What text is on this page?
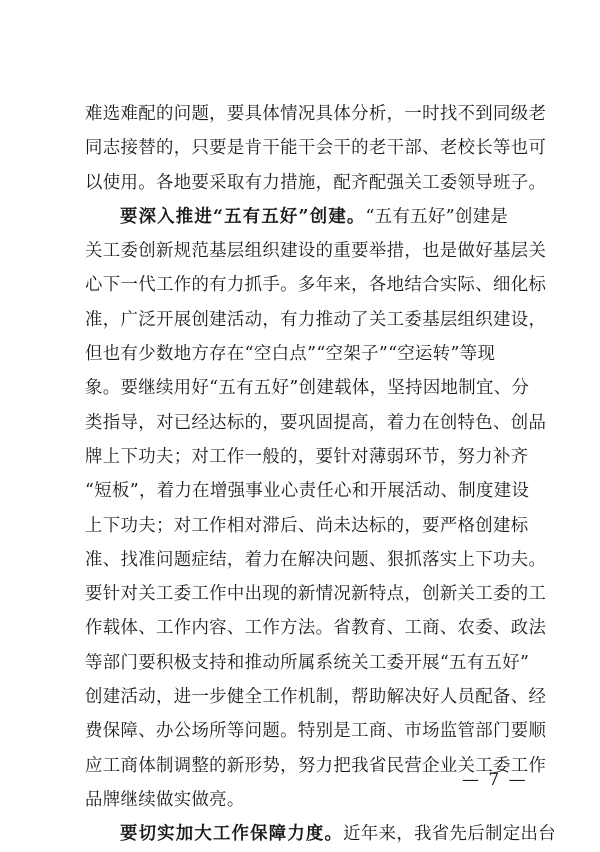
难选难配的问题，要具体情况具体分析，一时找不到同级老
同志接替的，只要是肯干能干会干的老干部、老校长等也可
以使用。各地要采取有力措施，配齐配强关工委领导班子。
要深入推进“五有五好”创建。“五有五好”创建是
关工委创新规范基层组织建设的重要举措，也是做好基层关
心下一代工作的有力抓手。多年来，各地结合实际、细化标
准，广泛开展创建活动，有力推动了关工委基层组织建设，
但也有少数地方存在“空白点”“空架子”“空运转”等现
象。要继续用好“五有五好”创建载体，坚持因地制宜、分
类指导，对已经达标的，要巩固提高，着力在创特色、创品
牌上下功夫；对工作一般的，要针对薄弱环节，努力补齐
“短板”，着力在增强事业心责任心和开展活动、制度建设
上下功夫；对工作相对滞后、尚未达标的，要严格创建标
准、找准问题症结，着力在解决问题、狠抓落实上下功夫。
要针对关工委工作中出现的新情况新特点，创新关工委的工
作载体、工作内容、工作方法。省教育、工商、农委、政法
等部门要积极支持和推动所属系统关工委开展“五有五好”
创建活动，进一步健全工作机制，帮助解决好人员配备、经
费保障、办公场所等问题。特别是工商、市场监管部门要顺
应工商体制调整的新形势，努力把我省民营企业关工委工作
品牌继续做实做亮。
要切实加大工作保障力度。近年来，我省先后制定出台
— 7 —
